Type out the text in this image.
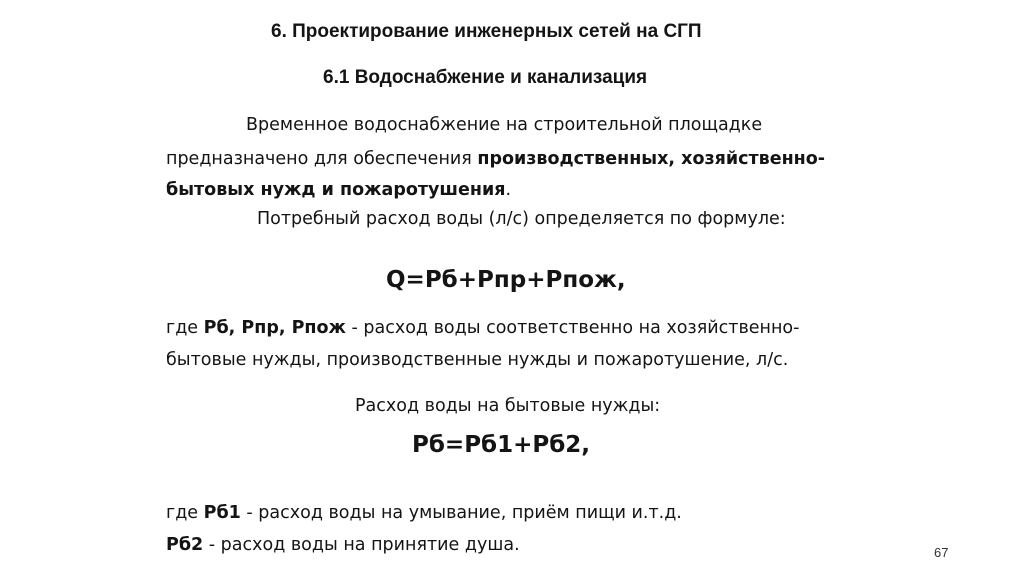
6. Проектирование инженерных сетей на СГП
6.1 Водоснабжение и канализация
Временное водоснабжение на строительной площадке
предназначено для обеспечения производственных, хозяйственно-
бытовых нужд и пожаротушения.
Потребный расход воды (л/с) определяется по формуле:
Q=Рб+Рпр+Рпож,
где Рб, Рпр, Рпож - расход воды соответственно на хозяйственно-
бытовые нужды, производственные нужды и пожаротушение, л/с.
Расход воды на бытовые нужды:
Рб=Рб1+Рб2,
где Рб1 - расход воды на умывание, приём пищи и.т.д.
Рб2 - расход воды на принятие душа.	67
